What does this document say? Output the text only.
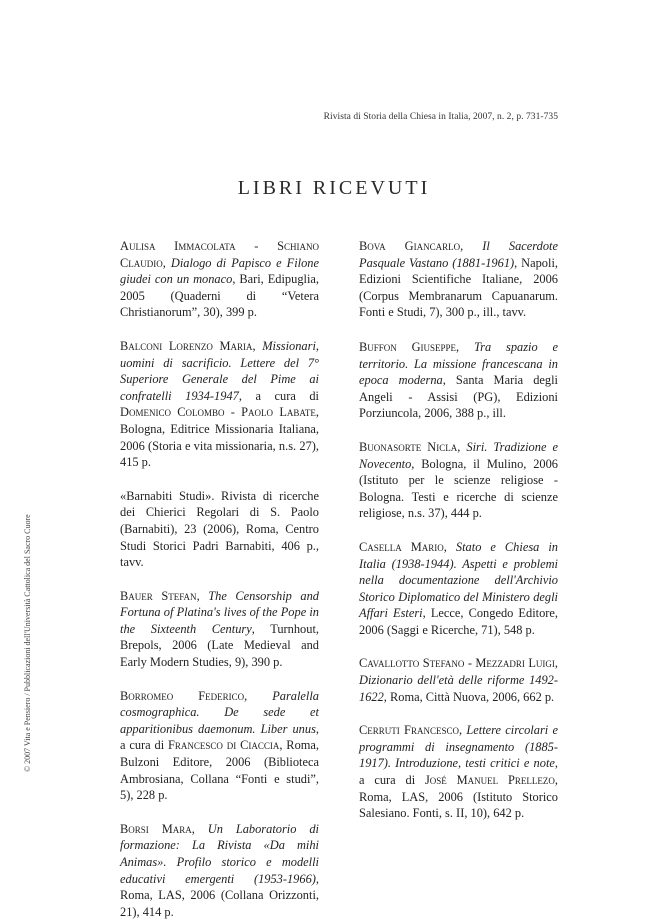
Rivista di Storia della Chiesa in Italia, 2007, n. 2, p. 731-735
LIBRI RICEVUTI
© 2007 Vita e Pensiero / Pubblicazioni dell'Università Cattolica del Sacro Cuore

Aulisa Immacolata - Schiano Claudio, Dialogo di Papisco e Filone giudei con un monaco, Bari, Edipuglia, 2005 (Quaderni di “Vetera Christianorum”, 30), 399 p.

Balconi Lorenzo Maria, Missionari, uomini di sacrificio. Lettere del 7° Superiore Generale del Pime ai confratelli 1934-1947, a cura di Domenico Colombo - Paolo Labate, Bologna, Editrice Missionaria Italiana, 2006 (Storia e vita missionaria, n.s. 27), 415 p.

«Barnabiti Studi». Rivista di ricerche dei Chierici Regolari di S. Paolo (Barnabiti), 23 (2006), Roma, Centro Studi Storici Padri Barnabiti, 406 p., tavv.

Bauer Stefan, The Censorship and Fortuna of Platina's lives of the Pope in the Sixteenth Century, Turnhout, Brepols, 2006 (Late Medieval and Early Modern Studies, 9), 390 p.

Borromeo Federico, Paralella cosmographica. De sede et apparitionibus daemonum. Liber unus, a cura di Francesco di Ciaccia, Roma, Bulzoni Editore, 2006 (Biblioteca Ambrosiana, Collana “Fonti e studi”, 5), 228 p.

Borsi Mara, Un Laboratorio di formazione: La Rivista «Da mihi Animas». Profilo storico e modelli educativi emergenti (1953-1966), Roma, LAS, 2006 (Collana Orizzonti, 21), 414 p.

Bova Giancarlo, Il Sacerdote Pasquale Vastano (1881-1961), Napoli, Edizioni Scientifiche Italiane, 2006 (Corpus Membranarum Capuanarum. Fonti e Studi, 7), 300 p., ill., tavv.

Buffon Giuseppe, Tra spazio e territorio. La missione francescana in epoca moderna, Santa Maria degli Angeli - Assisi (PG), Edizioni Porziuncola, 2006, 388 p., ill.

Buonasorte Nicla, Siri. Tradizione e Novecento, Bologna, il Mulino, 2006 (Istituto per le scienze religiose - Bologna. Testi e ricerche di scienze religiose, n.s. 37), 444 p.

Casella Mario, Stato e Chiesa in Italia (1938-1944). Aspetti e problemi nella documentazione dell'Archivio Storico Diplomatico del Ministero degli Affari Esteri, Lecce, Congedo Editore, 2006 (Saggi e Ricerche, 71), 548 p.

Cavallotto Stefano - Mezzadri Luigi, Dizionario dell'età delle riforme 1492-1622, Roma, Città Nuova, 2006, 662 p.

Cerruti Francesco, Lettere circolari e programmi di insegnamento (1885-1917). Introduzione, testi critici e note, a cura di José Manuel Prellezo, Roma, LAS, 2006 (Istituto Storico Salesiano. Fonti, s. II, 10), 642 p.
